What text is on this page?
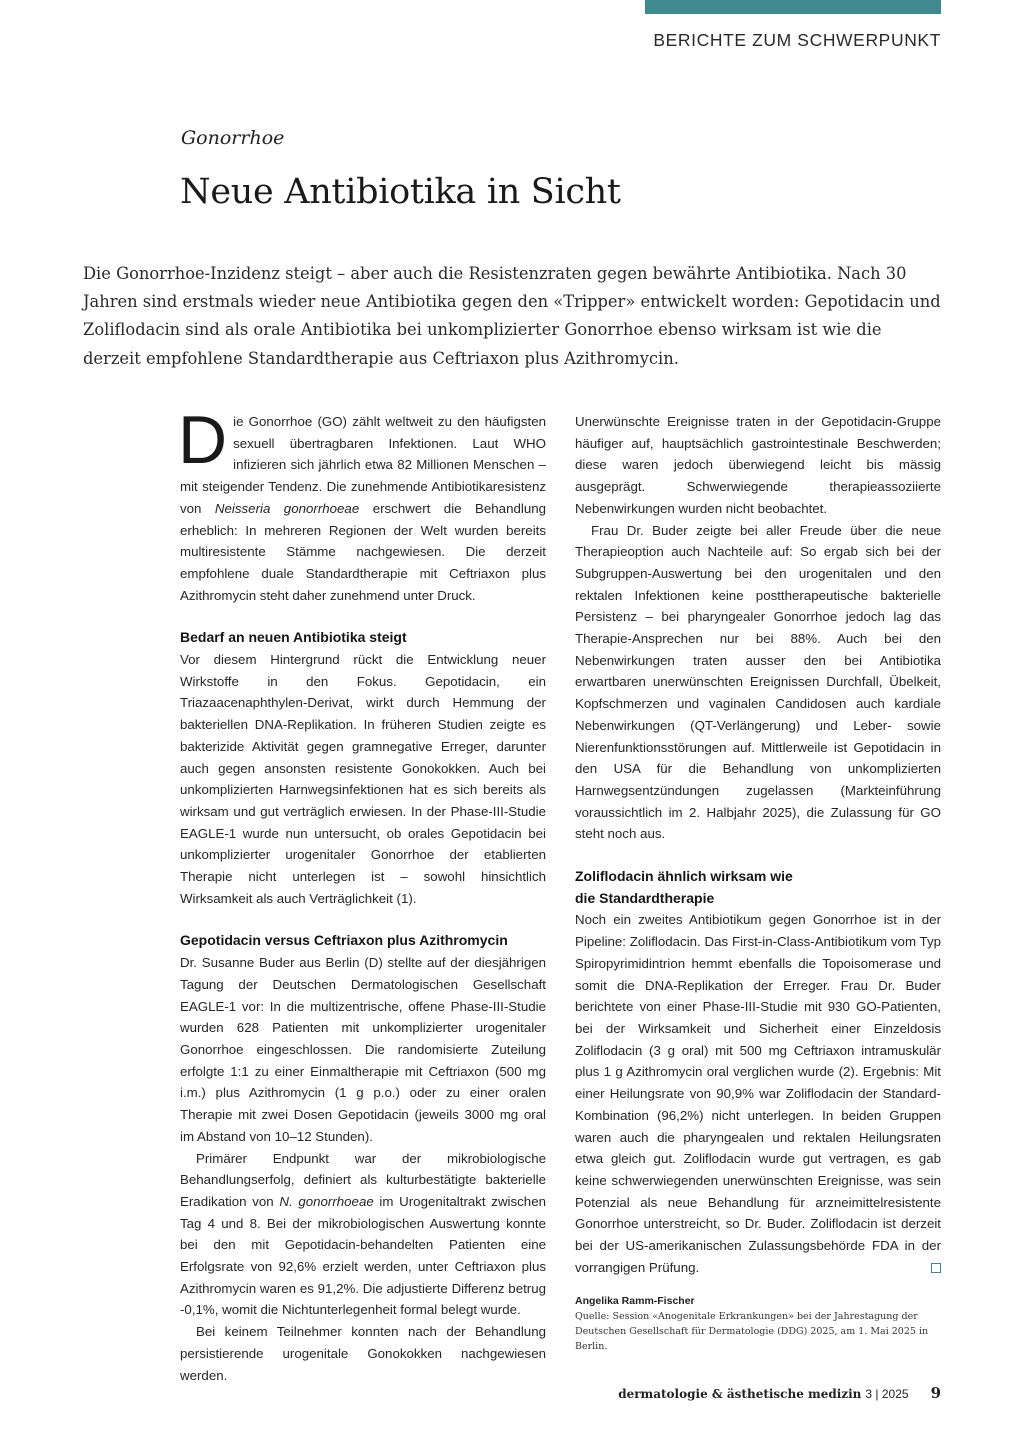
BERICHTE ZUM SCHWERPUNKT
Gonorrhoe
Neue Antibiotika in Sicht

Die Gonorrhoe-Inzidenz steigt – aber auch die Resistenzraten gegen bewährte Antibiotika. Nach 30 Jahren sind erstmals wieder neue Antibiotika gegen den «Tripper» entwickelt worden: Gepotidacin und Zoliflodacin sind als orale Antibiotika bei unkomplizierter Gonorrhoe ebenso wirksam ist wie die derzeit empfohlene Standardtherapie aus Ceftriaxon plus Azithromycin.

Die Gonorrhoe (GO) zählt weltweit zu den häufigsten sexuell übertragbaren Infektionen. Laut WHO infizieren sich jährlich etwa 82 Millionen Menschen – mit steigender Tendenz. Die zunehmende Antibiotikaresistenz von Neisseria gonorrhoeae erschwert die Behandlung erheblich: In mehreren Regionen der Welt wurden bereits multiresistente Stämme nachgewiesen. Die derzeit empfohlene duale Standardtherapie mit Ceftriaxon plus Azithromycin steht daher zunehmend unter Druck.

Bedarf an neuen Antibiotika steigt

Vor diesem Hintergrund rückt die Entwicklung neuer Wirkstoffe in den Fokus. Gepotidacin, ein Triazaacenaphthylen-Derivat, wirkt durch Hemmung der bakteriellen DNA-Replikation. In früheren Studien zeigte es bakterizide Aktivität gegen gramnegative Erreger, darunter auch gegen ansonsten resistente Gonokokken. Auch bei unkomplizierten Harnwegsinfektionen hat es sich bereits als wirksam und gut verträglich erwiesen. In der Phase-III-Studie EAGLE-1 wurde nun untersucht, ob orales Gepotidacin bei unkomplizierter urogenitaler Gonorrhoe der etablierten Therapie nicht unterlegen ist – sowohl hinsichtlich Wirksamkeit als auch Verträglichkeit (1).

Gepotidacin versus Ceftriaxon plus Azithromycin

Dr. Susanne Buder aus Berlin (D) stellte auf der diesjährigen Tagung der Deutschen Dermatologischen Gesellschaft EAGLE-1 vor: In die multizentrische, offene Phase-III-Studie wurden 628 Patienten mit unkomplizierter urogenitaler Gonorrhoe eingeschlossen. Die randomisierte Zuteilung erfolgte 1:1 zu einer Einmaltherapie mit Ceftriaxon (500 mg i.m.) plus Azithromycin (1 g p.o.) oder zu einer oralen Therapie mit zwei Dosen Gepotidacin (jeweils 3000 mg oral im Abstand von 10–12 Stunden).

Primärer Endpunkt war der mikrobiologische Behandlungserfolg, definiert als kulturbestätigte bakterielle Eradikation von N. gonorrhoeae im Urogenitaltrakt zwischen Tag 4 und 8. Bei der mikrobiologischen Auswertung konnte bei den mit Gepotidacin-behandelten Patienten eine Erfolgsrate von 92,6% erzielt werden, unter Ceftriaxon plus Azithromycin waren es 91,2%. Die adjustierte Differenz betrug -0,1%, womit die Nichtunterlegenheit formal belegt wurde.

Bei keinem Teilnehmer konnten nach der Behandlung persistierende urogenitale Gonokokken nachgewiesen werden.

Unerwünschte Ereignisse traten in der Gepotidacin-Gruppe häufiger auf, hauptsächlich gastrointestinale Beschwerden; diese waren jedoch überwiegend leicht bis mässig ausgeprägt. Schwerwiegende therapieassoziierte Nebenwirkungen wurden nicht beobachtet.

Frau Dr. Buder zeigte bei aller Freude über die neue Therapieoption auch Nachteile auf: So ergab sich bei der Subgruppen-Auswertung bei den urogenitalen und den rektalen Infektionen keine posttherapeutische bakterielle Persistenz – bei pharyngealer Gonorrhoe jedoch lag das Therapie-Ansprechen nur bei 88%. Auch bei den Nebenwirkungen traten ausser den bei Antibiotika erwartbaren unerwünschten Ereignissen Durchfall, Übelkeit, Kopfschmerzen und vaginalen Candidosen auch kardiale Nebenwirkungen (QT-Verlängerung) und Leber- sowie Nierenfunktionsstörungen auf. Mittlerweile ist Gepotidacin in den USA für die Behandlung von unkomplizierten Harnwegsentzündungen zugelassen (Markteinführung voraussichtlich im 2. Halbjahr 2025), die Zulassung für GO steht noch aus.

Zoliflodacin ähnlich wirksam wie
die Standardtherapie

Noch ein zweites Antibiotikum gegen Gonorrhoe ist in der Pipeline: Zoliflodacin. Das First-in-Class-Antibiotikum vom Typ Spiropyrimidintrion hemmt ebenfalls die Topoisomerase und somit die DNA-Replikation der Erreger. Frau Dr. Buder berichtete von einer Phase-III-Studie mit 930 GO-Patienten, bei der Wirksamkeit und Sicherheit einer Einzeldosis Zoliflodacin (3 g oral) mit 500 mg Ceftriaxon intramuskulär plus 1 g Azithromycin oral verglichen wurde (2). Ergebnis: Mit einer Heilungsrate von 90,9% war Zoliflodacin der Standard-Kombination (96,2%) nicht unterlegen. In beiden Gruppen waren auch die pharyngealen und rektalen Heilungsraten etwa gleich gut. Zoliflodacin wurde gut vertragen, es gab keine schwerwiegenden unerwünschten Ereignisse, was sein Potenzial als neue Behandlung für arzneimittelresistente Gonorrhoe unterstreicht, so Dr. Buder. Zoliflodacin ist derzeit bei der US-amerikanischen Zulassungsbehörde FDA in der vorrangigen Prüfung.

Angelika Ramm-Fischer

Quelle: Session «Anogenitale Erkrankungen» bei der Jahrestagung der Deutschen Gesellschaft für Dermatologie (DDG) 2025, am 1. Mai 2025 in Berlin.

dermatologie & ästhetische medizin 3 | 2025 9
